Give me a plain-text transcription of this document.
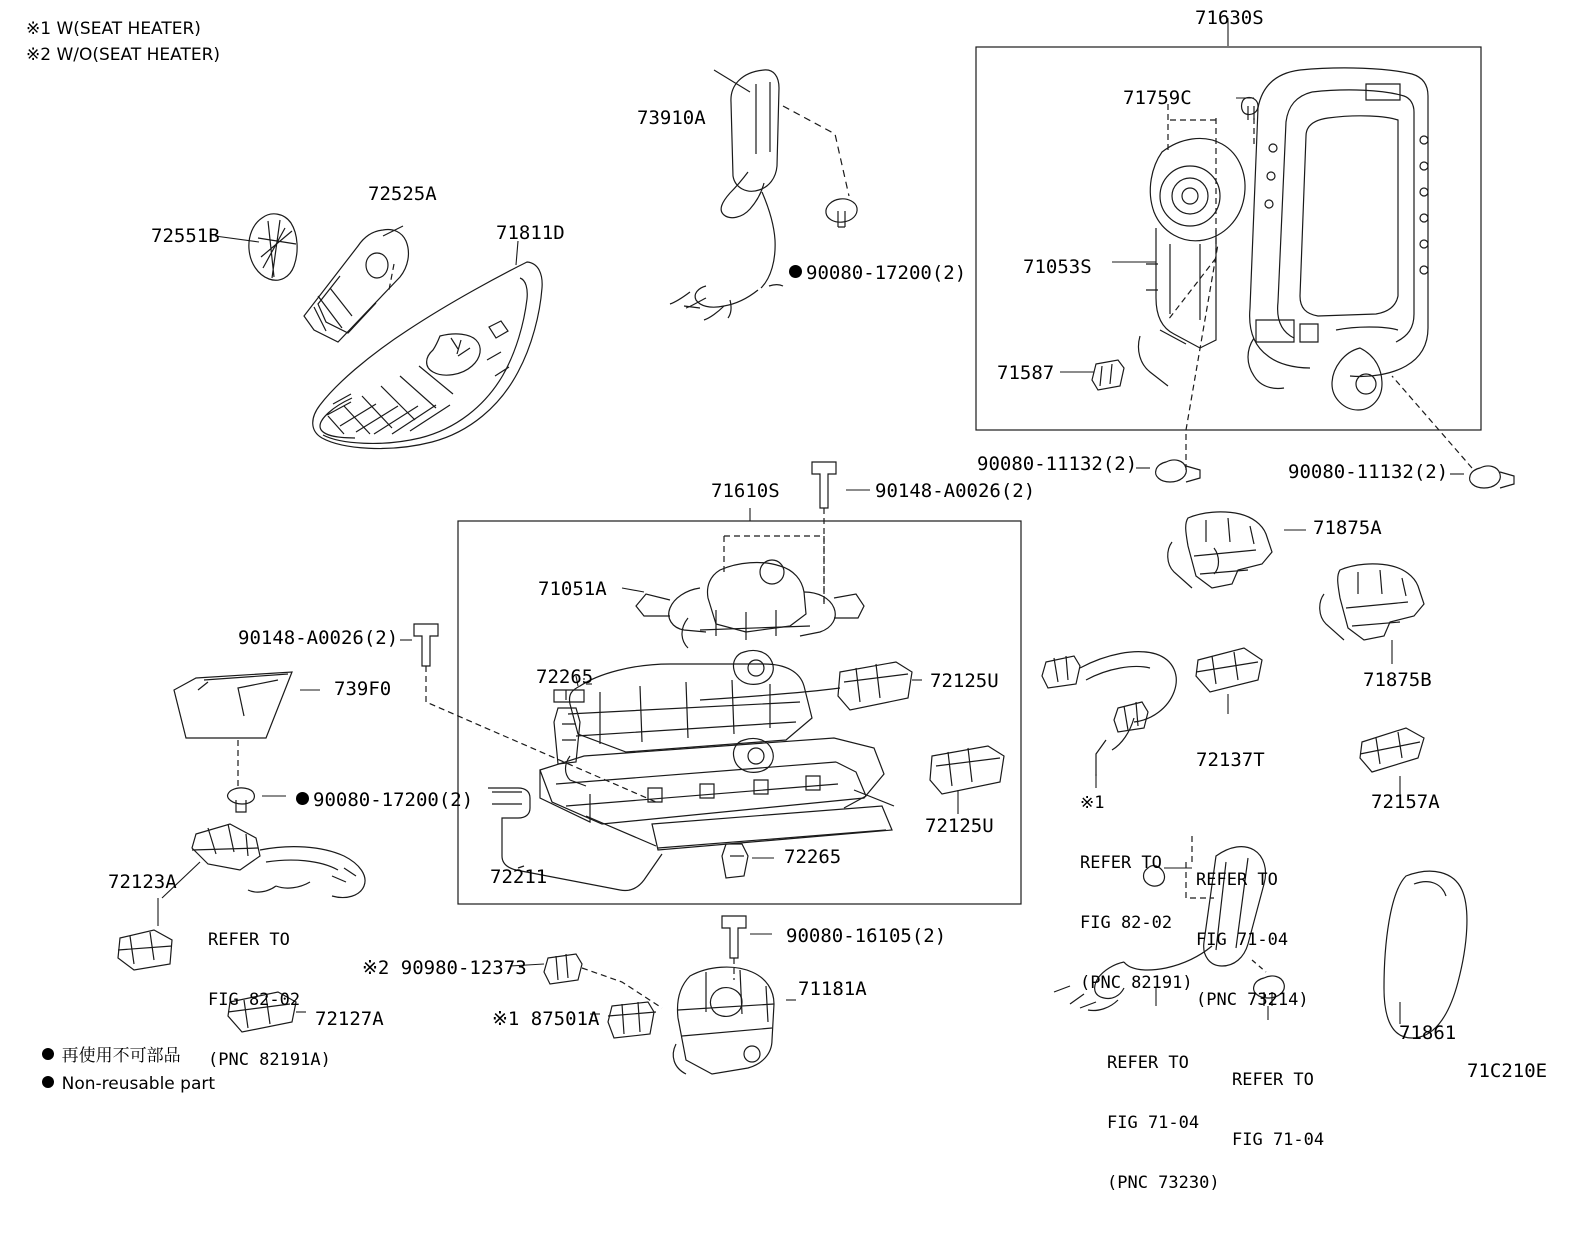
※1 W(SEAT HEATER)
※2 W/O(SEAT HEATER)
71630S
71610S
72551B
72525A
71811D
73910A
90080-17200(2)
71759C
71053S
71587
90080-11132(2)	90080-11132(2)
71875A
71875B
90148-A0026(2)
71051A
72265	72125U
72125U
72265
72211
739F0
90148-A0026(2)
90080-17200(2)
72123A
72127A
72137T
72157A
71861
71181A
90080-16105(2)
※2 90980-12373
※1 87501A

REFER TO

FIG 82-02

(PNC 82191A)

※1

REFER TO

FIG 82-02

(PNC 82191)

REFER TO

FIG 71-04

(PNC 73214)

REFER TO

FIG 71-04

(PNC 73230)

REFER TO

FIG 71-04

再使用不可部品

Non-reusable part

71C210E
